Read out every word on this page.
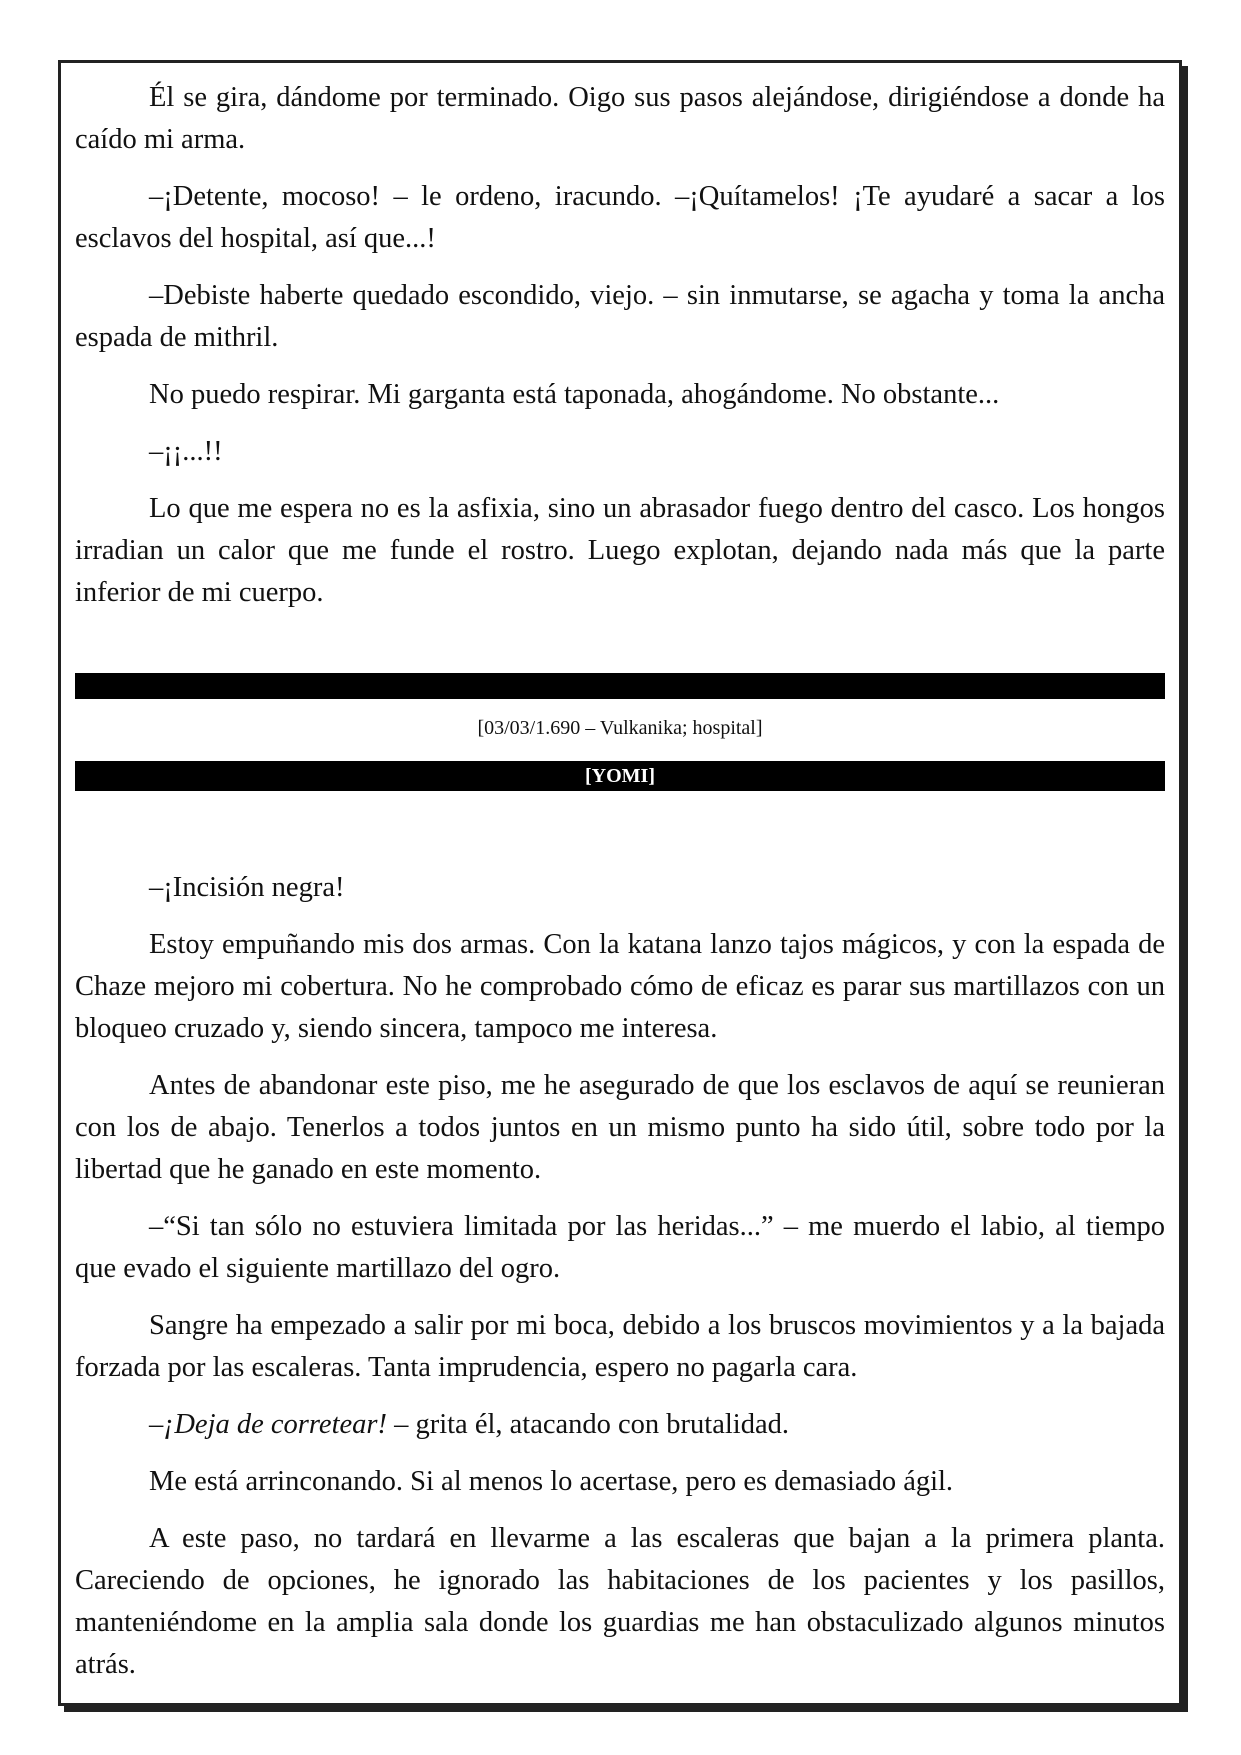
Él se gira, dándome por terminado. Oigo sus pasos alejándose, dirigiéndose a donde ha caído mi arma.

–¡Detente, mocoso! – le ordeno, iracundo. –¡Quítamelos! ¡Te ayudaré a sacar a los esclavos del hospital, así que...!

–Debiste haberte quedado escondido, viejo. – sin inmutarse, se agacha y toma la ancha espada de mithril.

No puedo respirar. Mi garganta está taponada, ahogándome. No obstante...

–¡¡...!!

Lo que me espera no es la asfixia, sino un abrasador fuego dentro del casco. Los hongos irradian un calor que me funde el rostro. Luego explotan, dejando nada más que la parte inferior de mi cuerpo.

[03/03/1.690 – Vulkanika; hospital]
[YOMI]

–¡Incisión negra!

Estoy empuñando mis dos armas. Con la katana lanzo tajos mágicos, y con la espada de Chaze mejoro mi cobertura. No he comprobado cómo de eficaz es parar sus martillazos con un bloqueo cruzado y, siendo sincera, tampoco me interesa.

Antes de abandonar este piso, me he asegurado de que los esclavos de aquí se reunieran con los de abajo. Tenerlos a todos juntos en un mismo punto ha sido útil, sobre todo por la libertad que he ganado en este momento.

–“Si tan sólo no estuviera limitada por las heridas...” – me muerdo el labio, al tiempo que evado el siguiente martillazo del ogro.

Sangre ha empezado a salir por mi boca, debido a los bruscos movimientos y a la bajada forzada por las escaleras. Tanta imprudencia, espero no pagarla cara.

–¡Deja de corretear! – grita él, atacando con brutalidad.

Me está arrinconando. Si al menos lo acertase, pero es demasiado ágil.

A este paso, no tardará en llevarme a las escaleras que bajan a la primera planta. Careciendo de opciones, he ignorado las habitaciones de los pacientes y los pasillos, manteniéndome en la amplia sala donde los guardias me han obstaculizado algunos minutos atrás.
